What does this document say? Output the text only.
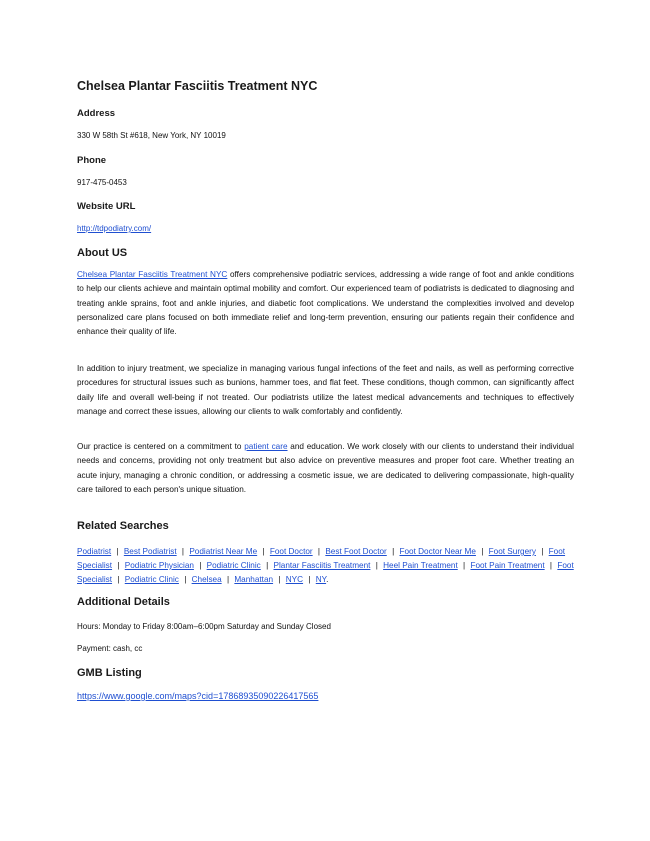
Chelsea Plantar Fasciitis Treatment NYC
Address
330 W 58th St #618, New York, NY 10019
Phone
917-475-0453
Website URL
http://tdpodiatry.com/
About US
Chelsea Plantar Fasciitis Treatment NYC offers comprehensive podiatric services, addressing a wide range of foot and ankle conditions to help our clients achieve and maintain optimal mobility and comfort. Our experienced team of podiatrists is dedicated to diagnosing and treating ankle sprains, foot and ankle injuries, and diabetic foot complications. We understand the complexities involved and develop personalized care plans focused on both immediate relief and long-term prevention, ensuring our patients regain their confidence and enhance their quality of life.
In addition to injury treatment, we specialize in managing various fungal infections of the feet and nails, as well as performing corrective procedures for structural issues such as bunions, hammer toes, and flat feet. These conditions, though common, can significantly affect daily life and overall well-being if not treated. Our podiatrists utilize the latest medical advancements and techniques to effectively manage and correct these issues, allowing our clients to walk comfortably and confidently.
Our practice is centered on a commitment to patient care and education. We work closely with our clients to understand their individual needs and concerns, providing not only treatment but also advice on preventive measures and proper foot care. Whether treating an acute injury, managing a chronic condition, or addressing a cosmetic issue, we are dedicated to delivering compassionate, high-quality care tailored to each person's unique situation.
Related Searches
Podiatrist | Best Podiatrist | Podiatrist Near Me | Foot Doctor | Best Foot Doctor | Foot Doctor Near Me | Foot Surgery | Foot Specialist | Podiatric Physician | Podiatric Clinic | Plantar Fasciitis Treatment | Heel Pain Treatment | Foot Pain Treatment | Foot Specialist | Podiatric Clinic | Chelsea | Manhattan | NYC | NY.
Additional Details
Hours: Monday to Friday 8:00am–6:00pm Saturday and Sunday Closed
Payment: cash, cc
GMB Listing
https://www.google.com/maps?cid=17868935090226417565
